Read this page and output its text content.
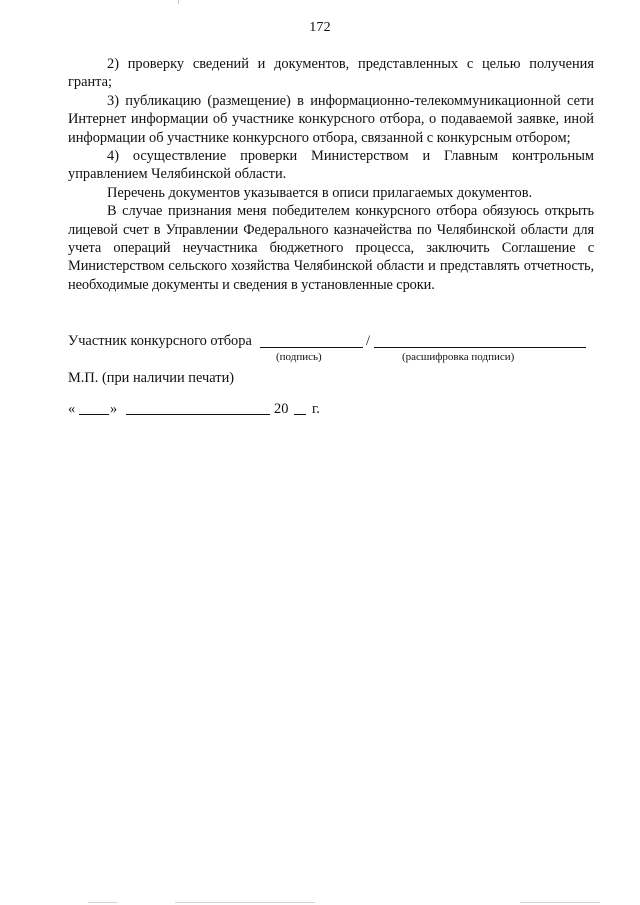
172

2) проверку сведений и документов, представленных с целью получения гранта;

3) публикацию (размещение) в информационно-телекоммуникационной сети Интернет информации об участнике конкурсного отбора, о подаваемой заявке, иной информации об участнике конкурсного отбора, связанной с конкурсным отбором;

4) осуществление проверки Министерством и Главным контрольным управлением Челябинской области.

Перечень документов указывается в описи прилагаемых документов.

В случае признания меня победителем конкурсного отбора обязуюсь открыть лицевой счет в Управлении Федерального казначейства по Челябинской области для учета операций неучастника бюджетного процесса, заключить Соглашение с Министерством сельского хозяйства Челябинской области и представлять отчетность, необходимые документы и сведения в установленные сроки.

Участник конкурсного отбора	/
(подпись)	(расшифровка подписи)
М.П. (при наличии печати)
« »	20 г.
